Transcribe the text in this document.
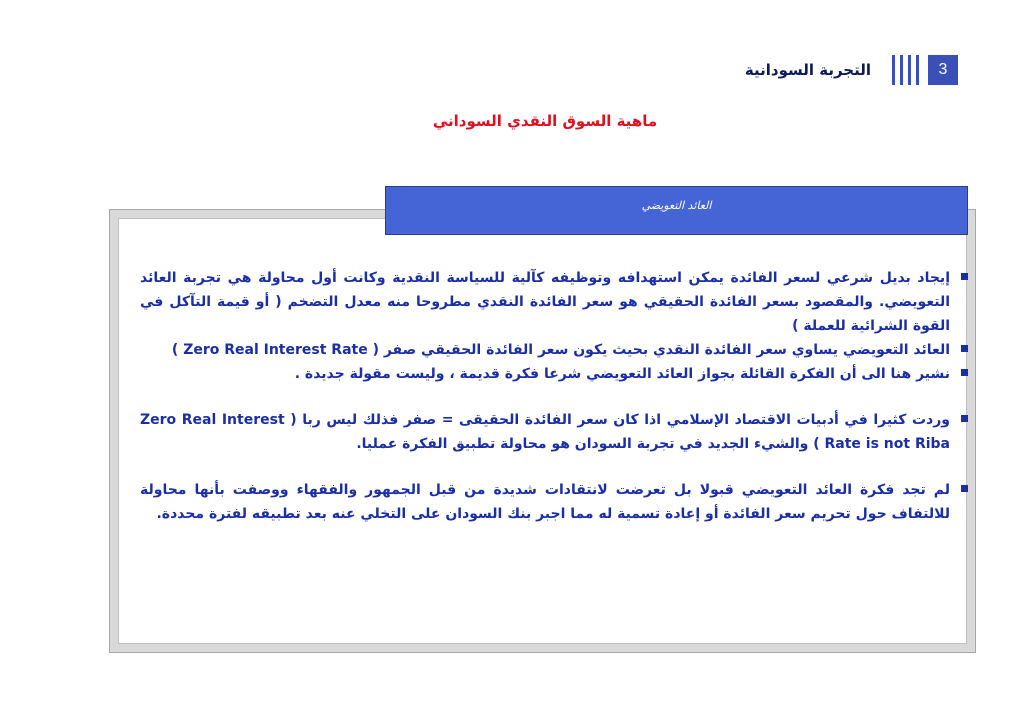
3
التجربة السودانية
ماهية السوق النقدي السوداني
العائد التعويضي
إيجاد بديل شرعي لسعر الفائدة يمكن استهدافه وتوظيفه كآلية للسياسة النقدية وكانت أول محاولة هي تجربة العائد التعويضي. والمقصود بسعر الفائدة الحقيقي هو سعر الفائدة النقدي مطروحا منه معدل التضخم ( أو قيمة التآكل في القوة الشرائية للعملة )
العائد التعويضي يساوي سعر الفائدة النقدي بحيث يكون سعر الفائدة الحقيقي صفر ( Zero Real Interest Rate )
نشير هنا الى أن الفكرة القائلة بجواز العائد التعويضي شرعا فكرة قديمة ، وليست مقولة جديدة .
وردت كثيرا في أدبيات الاقتصاد الإسلامي اذا كان سعر الفائدة الحقيقى = صفر فذلك ليس ربا ( Zero Real Interest Rate is not Riba ) والشيء الجديد في تجربة السودان هو محاولة تطبيق الفكرة عمليا.
لم تجد فكرة العائد التعويضي قبولا بل تعرضت لانتقادات شديدة من قبل الجمهور والفقهاء ووصفت بأنها محاولة للالتفاف حول تحريم سعر الفائدة أو إعادة تسمية له مما اجبر بنك السودان على التخلي عنه بعد تطبيقه لفترة محددة.
